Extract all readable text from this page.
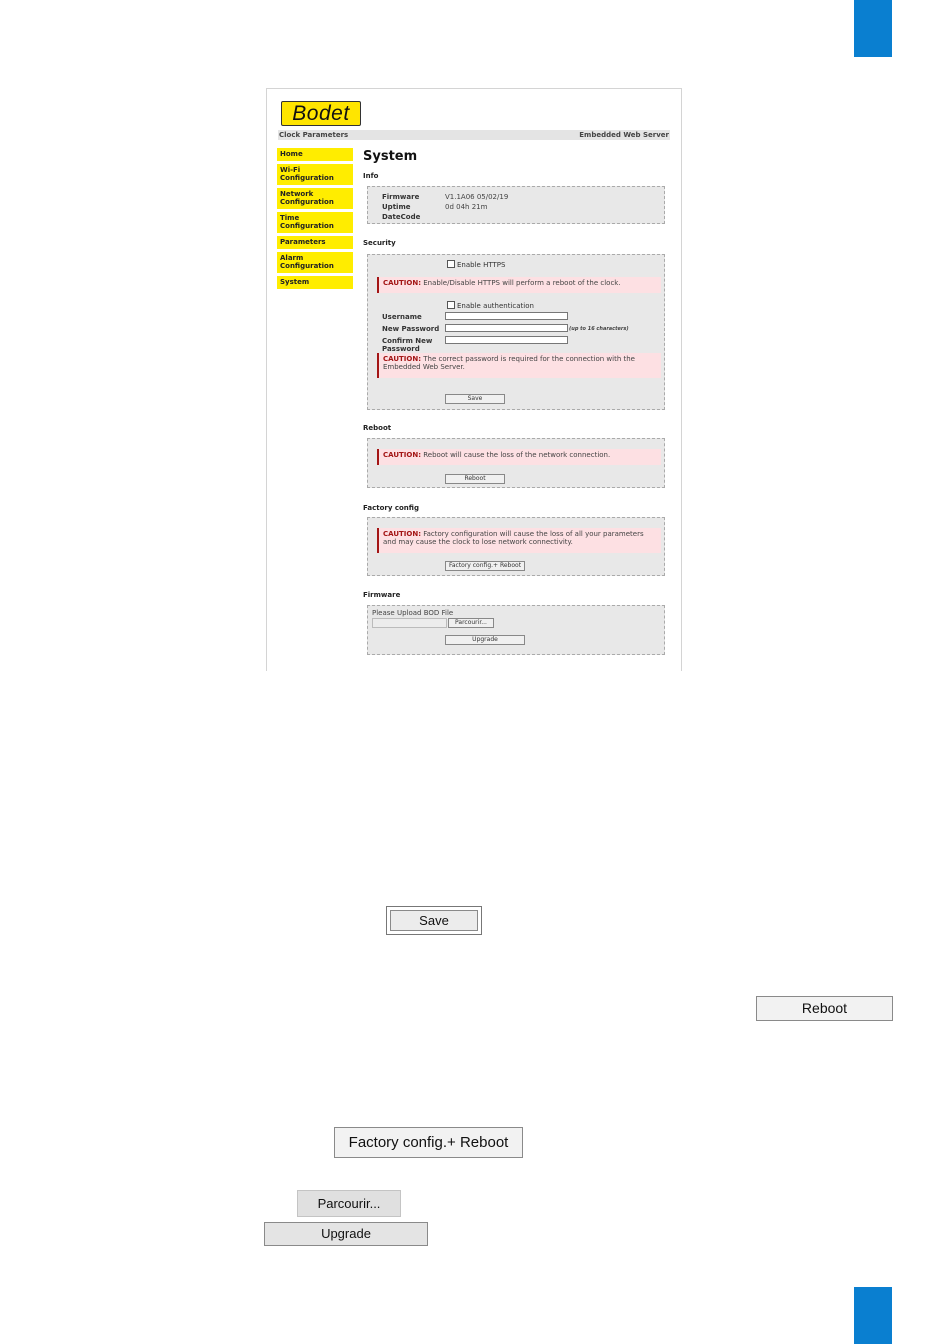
Bodet
Clock Parameters	Embedded Web Server
Home
Wi-Fi Configuration
Network Configuration
Time Configuration
Parameters
Alarm Configuration
System
System
Info
Firmware	V1.1A06 05/02/19
Uptime	0d 04h 21m
DateCode
Security
Enable HTTPS
CAUTION: Enable/Disable HTTPS will perform a reboot of the clock.
Enable authentication
Username
New Password	(up to 16 characters)
Confirm New Password
CAUTION: The correct password is required for the connection with the Embedded Web Server.
Save
Reboot
CAUTION: Reboot will cause the loss of the network connection.
Reboot
Factory config
CAUTION: Factory configuration will cause the loss of all your parameters and may cause the clock to lose network connectivity.
Factory config.+ Reboot
Firmware
Please Upload BOD File
Parcourir...
Upgrade
Save
Reboot
Factory config.+ Reboot
Parcourir...
Upgrade
